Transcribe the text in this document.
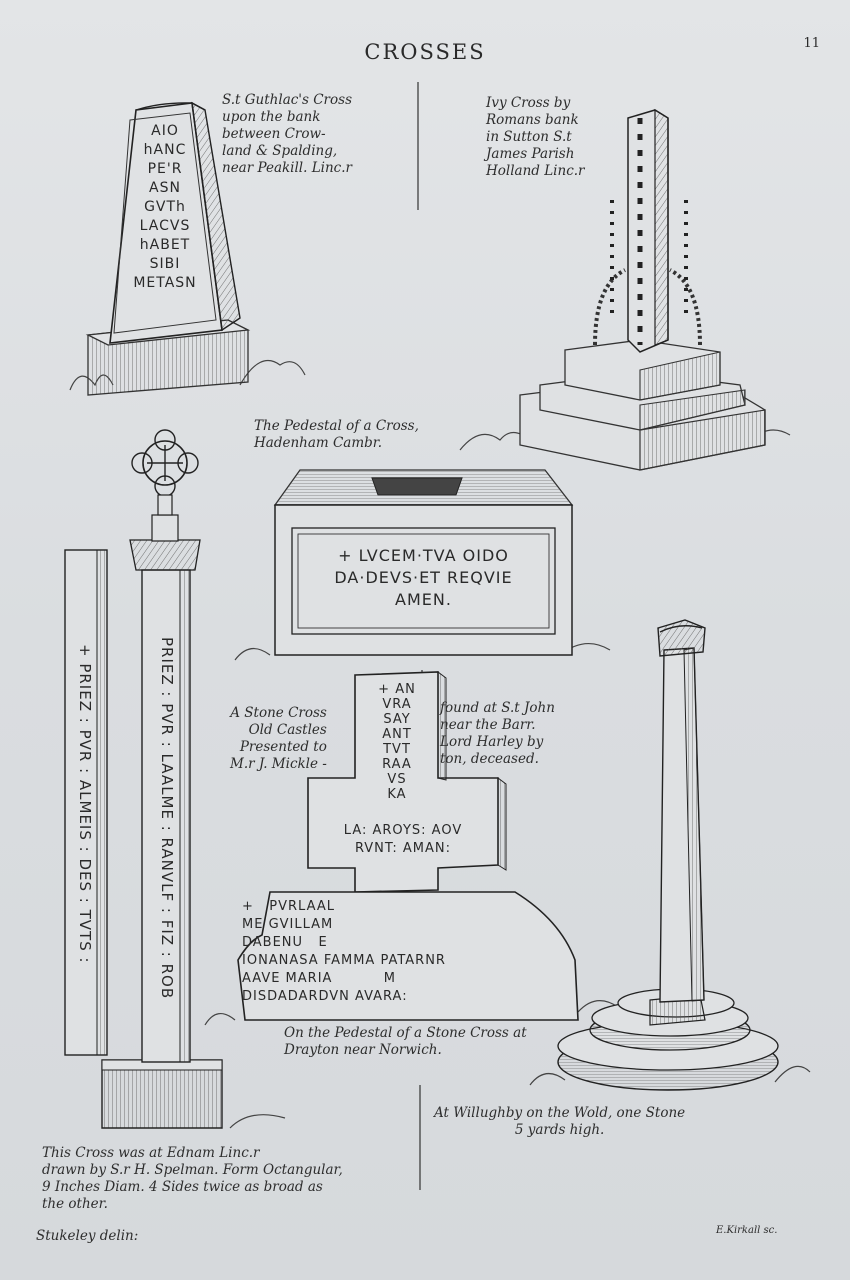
CROSSES	11
AIO
hANC
PE'R
ASN
GVTh
LACVS
hABET
SIBI
METASN
S.t Guthlac's Cross
upon the bank
between Crow-
land & Spalding,
near Peakill. Linc.r
Ivy Cross by
Romans bank
in Sutton S.t
James Parish
Holland Linc.r
The Pedestal of a Cross,
Hadenham Cambr.
+ LVCEM·TVA OIDO
DA·DEVS·ET REQVIE
AMEN.
+ PRIEZ : PVR : ALMEIS : DES : TVTS :	PRIEZ : PVR : LAALME : RANVLF : FIZ : ROB
This Cross was at Ednam Linc.r
drawn by S.r H. Spelman. Form Octangular,
9 Inches Diam. 4 Sides twice as broad as
the other.
A Stone Cross
Old Castles
Presented to
M.r J. Mickle -
found at S.t John
near the Barr.
Lord Harley by
ton, deceased.
+ AN
VRA
SAY
ANT
TVT
RAA
VS
KA
LA: AROYS: AOV
RVNT: AMAN:
+   PVRLAAL
ME GVILLAM
DABENU   E
IONANASA FAMMA PATARNR
AAVE MARIA          M
DISDADARDVN AVARA:
On the Pedestal of a Stone Cross at
Drayton near Norwich.
At Willughby on the Wold, one Stone
5 yards high.
Stukeley delin:	E.Kirkall sc.
